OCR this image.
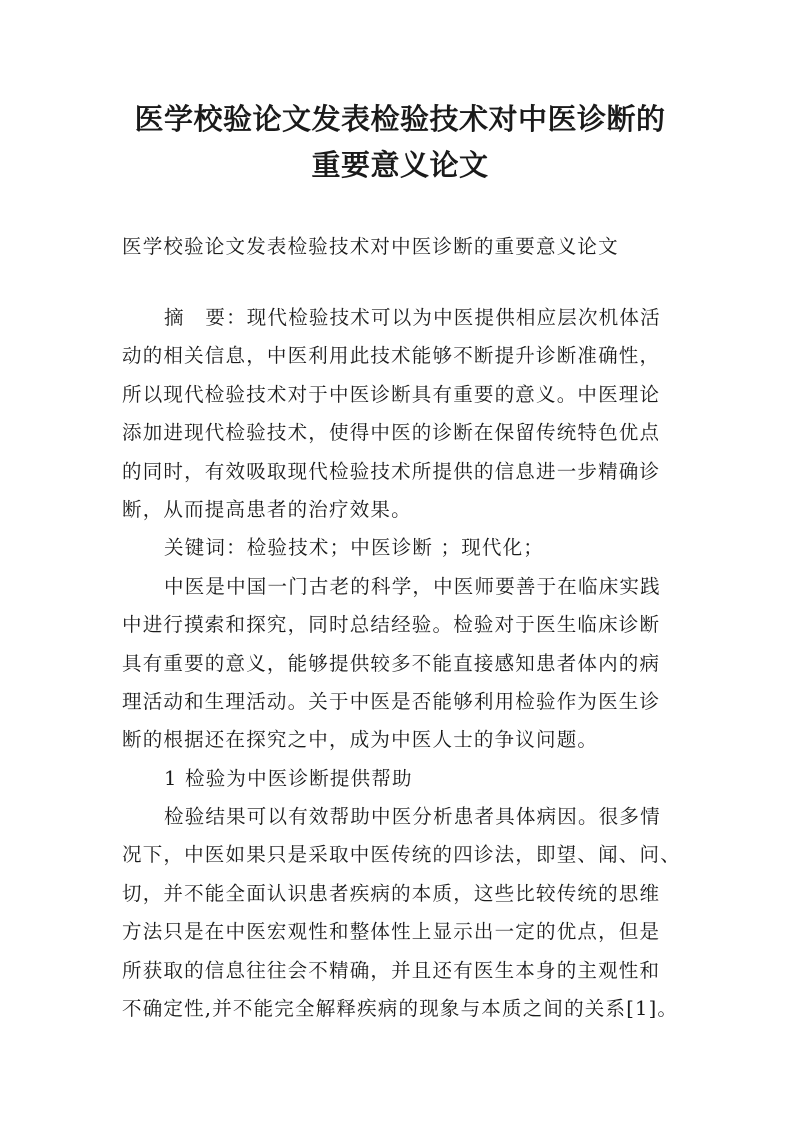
医学校验论文发表检验技术对中医诊断的
重要意义论文

医学校验论文发表检验技术对中医诊断的重要意义论文

摘　要：现代检验技术可以为中医提供相应层次机体活
动的相关信息，中医利用此技术能够不断提升诊断准确性，
所以现代检验技术对于中医诊断具有重要的意义。中医理论
添加进现代检验技术，使得中医的诊断在保留传统特色优点
的同时，有效吸取现代检验技术所提供的信息进一步精确诊
断，从而提高患者的治疗效果。
关键词：检验技术；中医诊断 ；现代化；
中医是中国一门古老的科学，中医师要善于在临床实践
中进行摸索和探究，同时总结经验。检验对于医生临床诊断
具有重要的意义，能够提供较多不能直接感知患者体内的病
理活动和生理活动。关于中医是否能够利用检验作为医生诊
断的根据还在探究之中，成为中医人士的争议问题。
1 检验为中医诊断提供帮助
检验结果可以有效帮助中医分析患者具体病因。很多情
况下，中医如果只是采取中医传统的四诊法，即望、闻、问、
切，并不能全面认识患者疾病的本质，这些比较传统的思维
方法只是在中医宏观性和整体性上显示出一定的优点，但是
所获取的信息往往会不精确，并且还有医生本身的主观性和
不确定性,并不能完全解释疾病的现象与本质之间的关系[1]。
